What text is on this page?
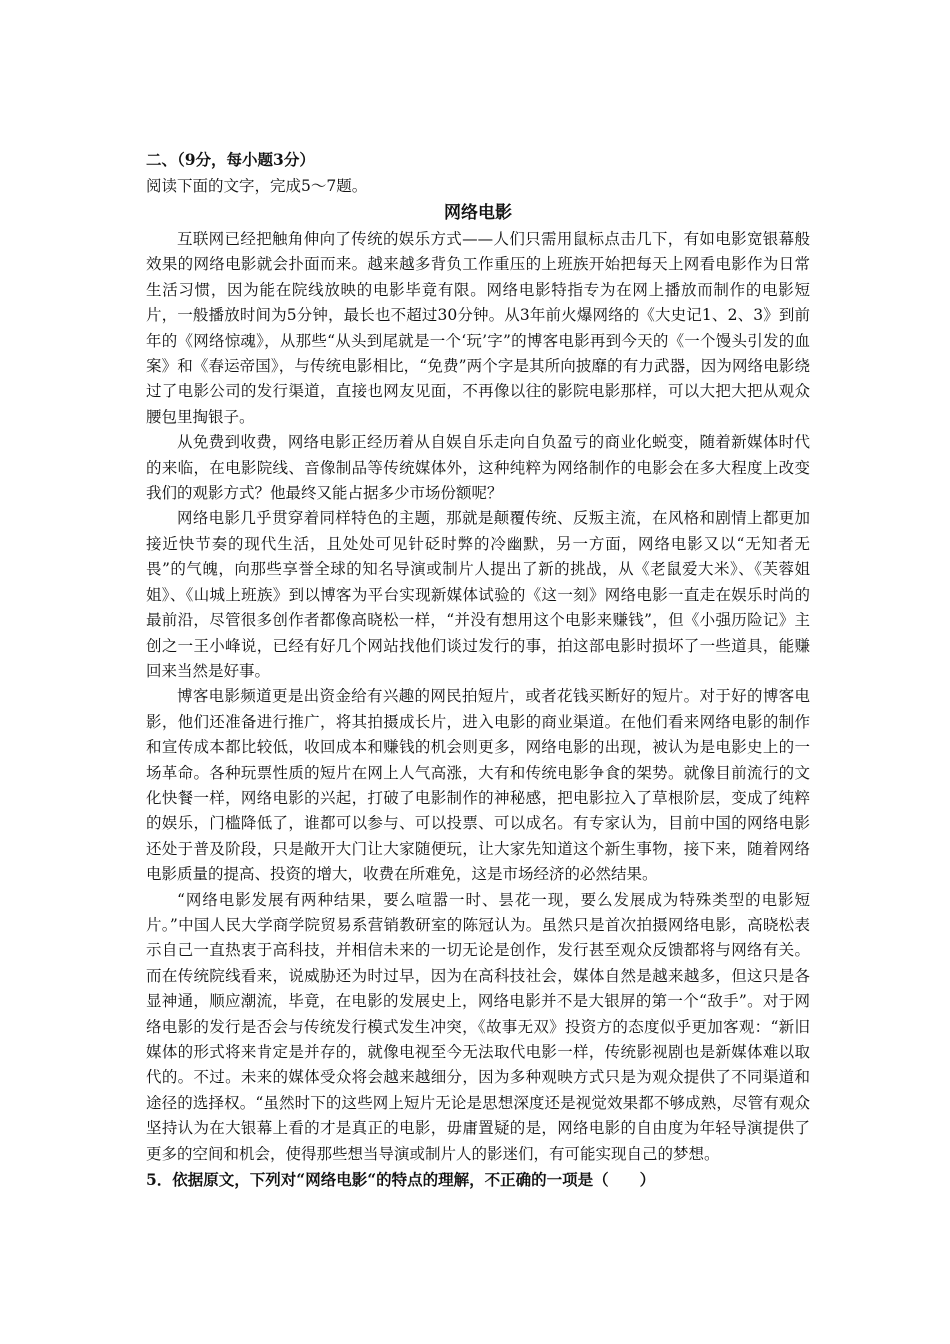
二、（9分，每小题3分）
阅读下面的文字，完成5～7题。
网络电影

互联网已经把触角伸向了传统的娱乐方式——人们只需用鼠标点击几下，有如电影宽银幕般效果的网络电影就会扑面而来。越来越多背负工作重压的上班族开始把每天上网看电影作为日常生活习惯，因为能在院线放映的电影毕竟有限。网络电影特指专为在网上播放而制作的电影短片，一般播放时间为5分钟，最长也不超过30分钟。从3年前火爆网络的《大史记1、2、3》到前年的《网络惊魂》，从那些“从头到尾就是一个‘玩’字”的博客电影再到今天的《一个馒头引发的血案》和《春运帝国》，与传统电影相比，“免费”两个字是其所向披靡的有力武器，因为网络电影绕过了电影公司的发行渠道，直接也网友见面，不再像以往的影院电影那样，可以大把大把从观众腰包里掏银子。

从免费到收费，网络电影正经历着从自娱自乐走向自负盈亏的商业化蜕变，随着新媒体时代的来临，在电影院线、音像制品等传统媒体外，这种纯粹为网络制作的电影会在多大程度上改变我们的观影方式？他最终又能占据多少市场份额呢？

网络电影几乎贯穿着同样特色的主题，那就是颠覆传统、反叛主流，在风格和剧情上都更加接近快节奏的现代生活，且处处可见针砭时弊的冷幽默，另一方面，网络电影又以“无知者无畏”的气魄，向那些享誉全球的知名导演或制片人提出了新的挑战，从《老鼠爱大米》、《芙蓉姐姐》、《山城上班族》到以博客为平台实现新媒体试验的《这一刻》网络电影一直走在娱乐时尚的最前沿，尽管很多创作者都像高晓松一样，“并没有想用这个电影来赚钱”，但《小强历险记》主创之一王小峰说，已经有好几个网站找他们谈过发行的事，拍这部电影时损坏了一些道具，能赚回来当然是好事。

博客电影频道更是出资金给有兴趣的网民拍短片，或者花钱买断好的短片。对于好的博客电影，他们还准备进行推广，将其拍摄成长片，进入电影的商业渠道。在他们看来网络电影的制作和宣传成本都比较低，收回成本和赚钱的机会则更多，网络电影的出现，被认为是电影史上的一场革命。各种玩票性质的短片在网上人气高涨，大有和传统电影争食的架势。就像目前流行的文化快餐一样，网络电影的兴起，打破了电影制作的神秘感，把电影拉入了草根阶层，变成了纯粹的娱乐，门槛降低了，谁都可以参与、可以投票、可以成名。有专家认为，目前中国的网络电影还处于普及阶段，只是敞开大门让大家随便玩，让大家先知道这个新生事物，接下来，随着网络电影质量的提高、投资的增大，收费在所难免，这是市场经济的必然结果。

“网络电影发展有两种结果，要么喧嚣一时、昙花一现，要么发展成为特殊类型的电影短片。”中国人民大学商学院贸易系营销教研室的陈冠认为。虽然只是首次拍摄网络电影，高晓松表示自己一直热衷于高科技，并相信未来的一切无论是创作，发行甚至观众反馈都将与网络有关。而在传统院线看来，说威胁还为时过早，因为在高科技社会，媒体自然是越来越多，但这只是各显神通，顺应潮流，毕竟，在电影的发展史上，网络电影并不是大银屏的第一个“敌手”。对于网络电影的发行是否会与传统发行模式发生冲突，《故事无双》投资方的态度似乎更加客观：“新旧媒体的形式将来肯定是并存的，就像电视至今无法取代电影一样，传统影视剧也是新媒体难以取代的。不过。未来的媒体受众将会越来越细分，因为多种观映方式只是为观众提供了不同渠道和途径的选择权。“虽然时下的这些网上短片无论是思想深度还是视觉效果都不够成熟，尽管有观众坚持认为在大银幕上看的才是真正的电影，毋庸置疑的是，网络电影的自由度为年轻导演提供了更多的空间和机会，使得那些想当导演或制片人的影迷们，有可能实现自己的梦想。

5．依据原文，下列对“网络电影“的特点的理解，不正确的一项是（　　）
